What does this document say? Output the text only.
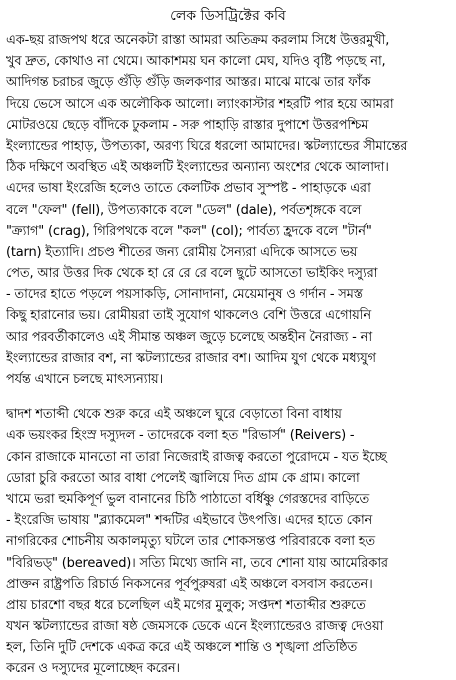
লেক ডিসট্রিক্টের কবি
এক-ছয় রাজপথ ধরে অনেকটা রাস্তা আমরা অতিক্রম করলাম সিধে উত্তরমুখী,
খুব দ্রুত, কোথাও না থেমে। আকাশময় ঘন কালো মেঘ, যদিও বৃষ্টি পড়ছে না,
আদিগন্ত চরাচর জুড়ে গুঁড়ি গুঁড়ি জলকণার আস্তর। মাঝে মাঝে তার ফাঁক
দিয়ে ভেসে আসে এক অলৌকিক আলো। ল্যাংকাস্টার শহরটি পার হয়ে আমরা
মোটরওয়ে ছেড়ে বাঁদিকে ঢুকলাম - সরু পাহাড়ি রাস্তার দুপাশে উত্তরপশ্চিম
ইংল্যান্ডের পাহাড়, উপত্যকা, অরণ্য ঘিরে ধরলো আমাদের। স্কটল্যান্ডের সীমান্তের
ঠিক দক্ষিণে অবস্থিত এই অঞ্চলটি ইংল্যান্ডের অন্যান্য অংশের থেকে আলাদা।
এদের ভাষা ইংরেজি হলেও তাতে কেলটিক প্রভাব সুস্পষ্ট - পাহাড়কে এরা
বলে "ফেল" (fell), উপত্যকাকে বলে "ডেল" (dale), পর্বতশৃঙ্গকে বলে
"ক্র্যাগ" (crag), গিরিপথকে বলে "কল" (col); পার্বত্য হ্রদকে বলে "টার্ন"
(tarn) ইত্যাদি। প্রচণ্ড শীতের জন্য রোমীয় সৈন্যরা এদিকে আসতে ভয়
পেত, আর উত্তর দিক থেকে হা রে রে রে বলে ছুটে আসতো ভাইকিং দস্যুরা
- তাদের হাতে পড়লে পয়সাকড়ি, সোনাদানা, মেয়েমানুষ ও গর্দান - সমস্ত
কিছু হারানোর ভয়। রোমীয়রা তাই সুযোগ থাকলেও বেশি উত্তরে এগোয়নি
আর পরবর্তীকালেও এই সীমান্ত অঞ্চল জুড়ে চলেছে অন্তহীন নৈরাজ্য - না
ইংল্যান্ডের রাজার বশ, না স্কটল্যান্ডের রাজার বশ। আদিম যুগ থেকে মধ্যযুগ
পর্যন্ত এখানে চলছে মাৎস্যন্যায়।
দ্বাদশ শতাব্দী থেকে শুরু করে এই অঞ্চলে ঘুরে বেড়াতো বিনা বাধায়
এক ভয়ংকর হিংস্র দস্যুদল - তাদেরকে বলা হত "রিভার্স" (Reivers) -
কোন রাজাকে মানতো না তারা নিজেরাই রাজত্ব করতো পুরোদমে - যত ইচ্ছে
ডোরা চুরি করতো আর বাধা পেলেই জ্বালিয়ে দিত গ্রাম কে গ্রাম। কালো
খামে ভরা হুমকিপূর্ণ ভুল বানানের চিঠি পাঠাতো বর্ধিষ্ণু গেরস্তদের বাড়িতে
- ইংরেজি ভাষায় "ব্ল্যাকমেল" শব্দটির এইভাবে উৎপত্তি। এদের হাতে কোন
নাগরিকের শোচনীয় অকালমৃত্যু ঘটলে তার শোকসন্তপ্ত পরিবারকে বলা হত
"বিরিভড্" (bereaved)। সত্যি মিথ্যে জানি না, তবে শোনা যায় আমেরিকার
প্রাক্তন রাষ্ট্রপতি রিচার্ড নিকসনের পূর্বপুরুষরা এই অঞ্চলে বসবাস করতেন।
প্রায় চারশো বছর ধরে চলেছিল এই মগের মুলুক; সপ্তদশ শতাব্দীর শুরুতে
যখন স্কটল্যান্ডের রাজা ষষ্ঠ জেমসকে ডেকে এনে ইংল্যান্ডেরও রাজত্ব দেওয়া
হল, তিনি দুটি দেশকে একত্র করে এই অঞ্চলে শান্তি ও শৃঙ্খলা প্রতিষ্ঠিত
করেন ও দস্যুদের মূলোচ্ছেদ করেন।
